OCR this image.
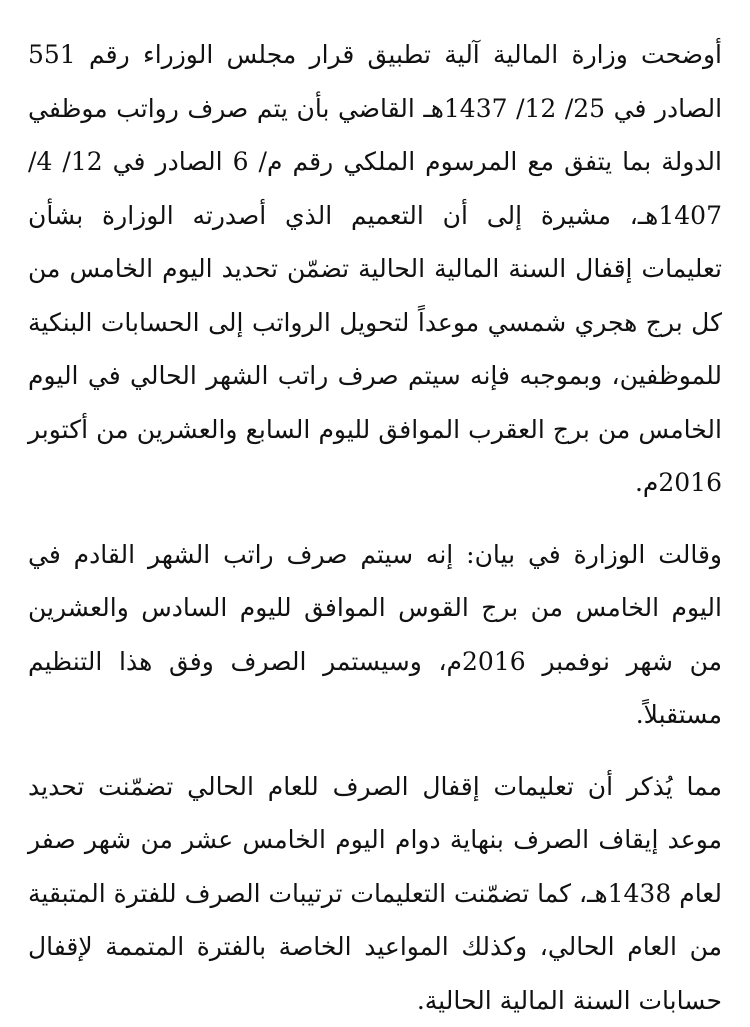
أوضحت وزارة المالية آلية تطبيق قرار مجلس الوزراء رقم 551 الصادر في 25/ 12/ 1437هـ القاضي بأن يتم صرف رواتب موظفي الدولة بما يتفق مع المرسوم الملكي رقم م/ 6 الصادر في 12/ 4/ 1407هـ، مشيرة إلى أن التعميم الذي أصدرته الوزارة بشأن تعليمات إقفال السنة المالية الحالية تضمّن تحديد اليوم الخامس من كل برج هجري شمسي موعداً لتحويل الرواتب إلى الحسابات البنكية للموظفين، وبموجبه فإنه سيتم صرف راتب الشهر الحالي في اليوم الخامس من برج العقرب الموافق لليوم السابع والعشرين من أكتوبر 2016م.

وقالت الوزارة في بيان: إنه سيتم صرف راتب الشهر القادم في اليوم الخامس من برج القوس الموافق لليوم السادس والعشرين من شهر نوفمبر 2016م، وسيستمر الصرف وفق هذا التنظيم مستقبلاً.

مما يُذكر أن تعليمات إقفال الصرف للعام الحالي تضمّنت تحديد موعد إيقاف الصرف بنهاية دوام اليوم الخامس عشر من شهر صفر لعام 1438هـ، كما تضمّنت التعليمات ترتيبات الصرف للفترة المتبقية من العام الحالي، وكذلك المواعيد الخاصة بالفترة المتممة لإقفال حسابات السنة المالية الحالية.
